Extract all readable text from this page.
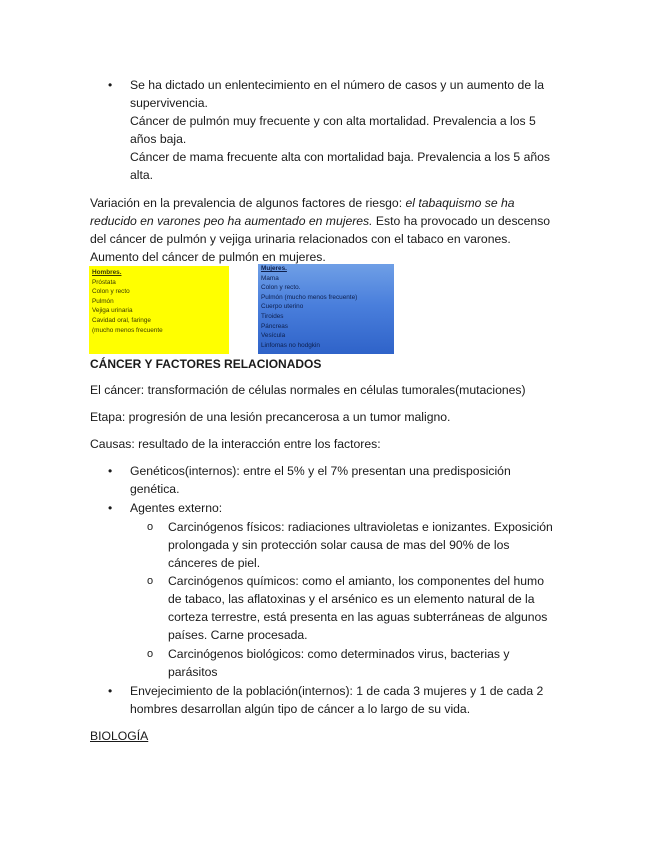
• Se ha dictado un enlentecimiento en el número de casos y un aumento de la
supervivencia.
Cáncer de pulmón muy frecuente y con alta mortalidad. Prevalencia a los 5
años baja.
Cáncer de mama frecuente alta con mortalidad baja. Prevalencia a los 5 años
alta.
Variación en la prevalencia de algunos factores de riesgo: el tabaquismo se ha
reducido en varones peo ha aumentado en mujeres. Esto ha provocado un descenso
del cáncer de pulmón y vejiga urinaria relacionados con el tabaco en varones.
Aumento del cáncer de pulmón en mujeres.
Hombres.
Próstata
Colon y recto
Pulmón
Vejiga urinaria
Cavidad oral, faringe
(mucho menos frecuente
Mujeres.
Mama
Colon y recto.
Pulmón (mucho menos frecuente)
Cuerpo uterino
Tiroides
Páncreas
Vesícula
Linfomas no hodgkin
CÁNCER Y FACTORES RELACIONADOS
El cáncer: transformación de células normales en células tumorales(mutaciones)
Etapa: progresión de una lesión precancerosa a un tumor maligno.
Causas: resultado de la interacción entre los factores:
• Genéticos(internos): entre el 5% y el 7% presentan una predisposición
genética.
• Agentes externo:
o Carcinógenos físicos: radiaciones ultravioletas e ionizantes. Exposición
prolongada y sin protección solar causa de mas del 90% de los
cánceres de piel.
o Carcinógenos químicos: como el amianto, los componentes del humo
de tabaco, las aflatoxinas y el arsénico es un elemento natural de la
corteza terrestre, está presenta en las aguas subterráneas de algunos
países. Carne procesada.
o Carcinógenos biológicos: como determinados virus, bacterias y
parásitos
• Envejecimiento de la población(internos): 1 de cada 3 mujeres y 1 de cada 2
hombres desarrollan algún tipo de cáncer a lo largo de su vida.
BIOLOGÍA
